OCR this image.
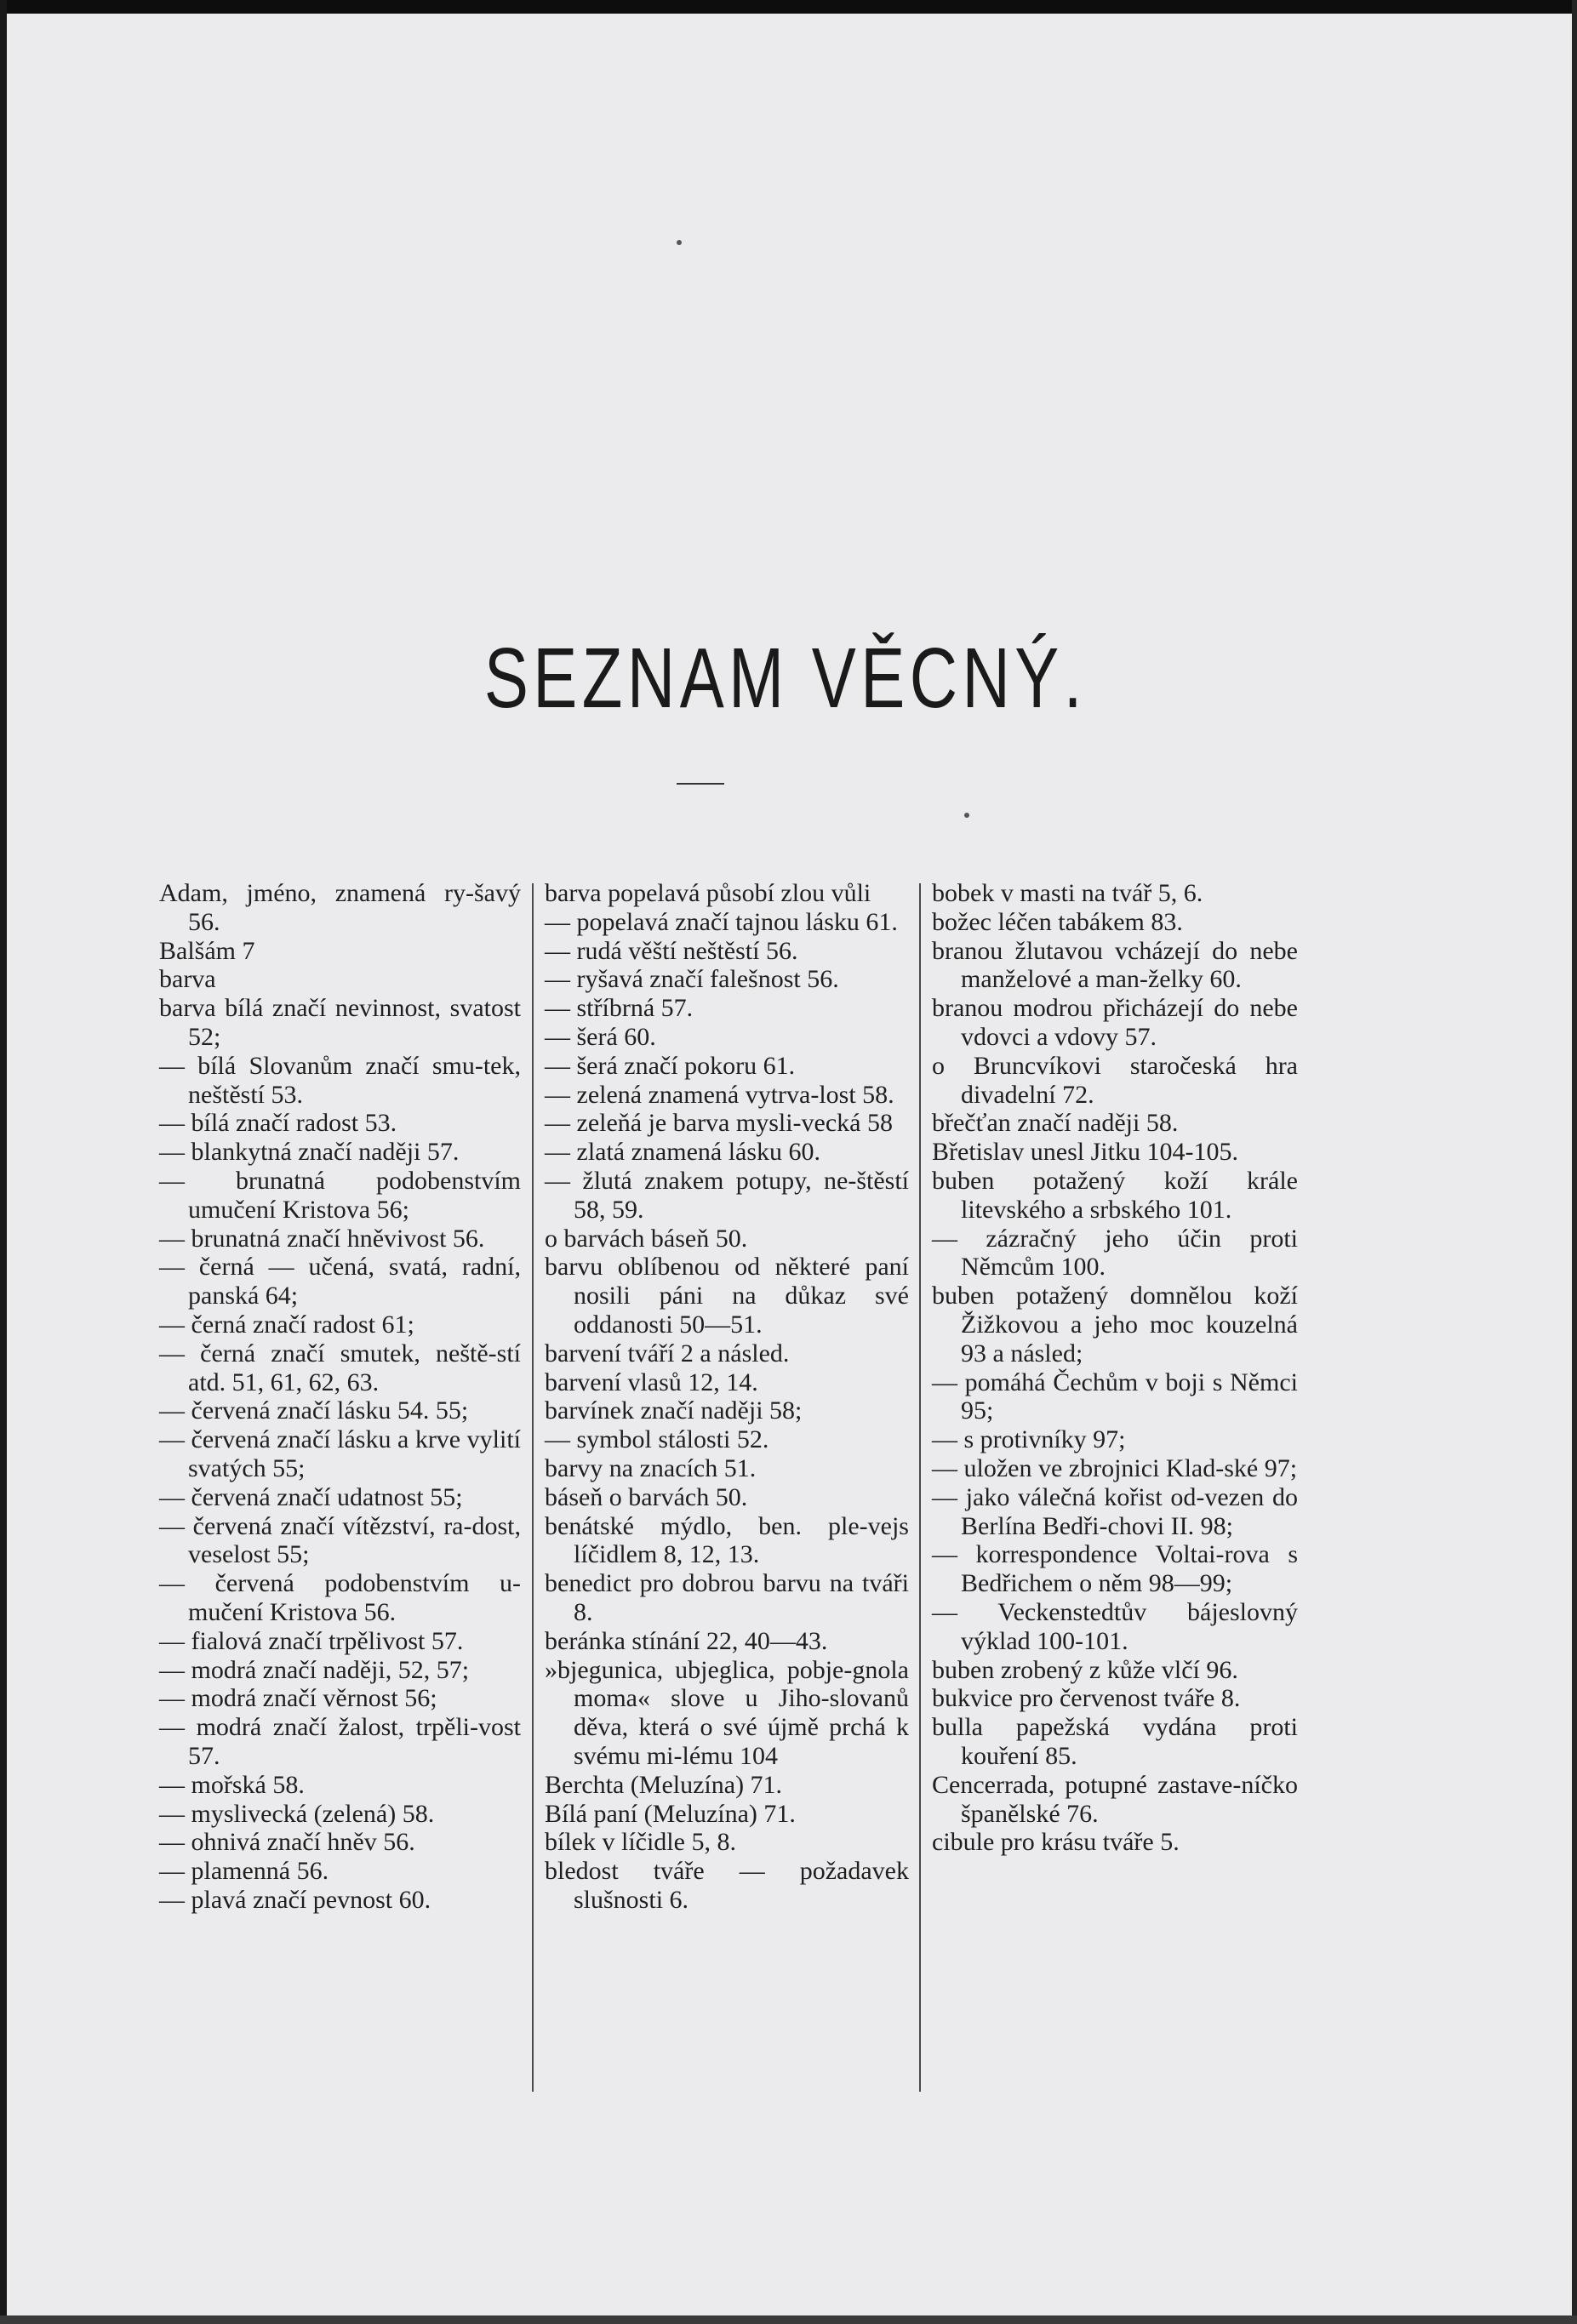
SEZNAM VĚCNÝ.
Adam, jméno, znamená ry-šavý 56.
Balšám 7
barva
barva bílá značí nevinnost, svatost 52;
— bílá Slovanům značí smu-tek, neštěstí 53.
— bílá značí radost 53.
— blankytná značí naději 57.
— brunatná podobenstvím umučení Kristova 56;
— brunatná značí hněvivost 56.
— černá — učená, svatá, radní, panská 64;
— černá značí radost 61;
— černá značí smutek, neště-stí atd. 51, 61, 62, 63.
— červená značí lásku 54. 55;
— červená značí lásku a krve vylití svatých 55;
— červená značí udatnost 55;
— červená značí vítězství, ra-dost, veselost 55;
— červená podobenstvím u-mučení Kristova 56.
— fialová značí trpělivost 57.
— modrá značí naději, 52, 57;
— modrá značí věrnost 56;
— modrá značí žalost, trpěli-vost 57.
— mořská 58.
— myslivecká (zelená) 58.
— ohnivá značí hněv 56.
— plamenná 56.
— plavá značí pevnost 60.
barva popelavá působí zlou vůli
— popelavá značí tajnou lásku 61.
— rudá věští neštěstí 56.
— ryšavá značí falešnost 56.
— stříbrná 57.
— šerá 60.
— šerá značí pokoru 61.
— zelená znamená vytrva-lost 58.
— zeleňá je barva mysli-vecká 58
— zlatá znamená lásku 60.
— žlutá znakem potupy, ne-štěstí 58, 59.
o barvách báseň 50.
barvu oblíbenou od některé paní nosili páni na důkaz své oddanosti 50—51.
barvení tváří 2 a násled.
barvení vlasů 12, 14.
barvínek značí naději 58;
— symbol stálosti 52.
barvy na znacích 51.
báseň o barvách 50.
benátské mýdlo, ben. ple-vejs líčidlem 8, 12, 13.
benedict pro dobrou barvu na tváři 8.
beránka stínání 22, 40—43.
»bjegunica, ubjeglica, pobje-gnola moma« slove u Jiho-slovanů děva, která o své újmě prchá k svému mi-lému 104
Berchta (Meluzína) 71.
Bílá paní (Meluzína) 71.
bílek v líčidle 5, 8.
bledost tváře — požadavek slušnosti 6.
bobek v masti na tvář 5, 6.
božec léčen tabákem 83.
branou žlutavou vcházejí do nebe manželové a man-želky 60.
branou modrou přicházejí do nebe vdovci a vdovy 57.
o Bruncvíkovi staročeská hra divadelní 72.
břečťan značí naději 58.
Břetislav unesl Jitku 104-105.
buben potažený koží krále litevského a srbského 101.
— zázračný jeho účin proti Němcům 100.
buben potažený domnělou koží Žižkovou a jeho moc kouzelná 93 a násled;
— pomáhá Čechům v boji s Němci 95;
— s protivníky 97;
— uložen ve zbrojnici Klad-ské 97;
— jako válečná kořist od-vezen do Berlína Bedři-chovi II. 98;
— korrespondence Voltai-rova s Bedřichem o něm 98—99;
— Veckenstedtův bájeslovný výklad 100-101.
buben zrobený z kůže vlčí 96.
bukvice pro červenost tváře 8.
bulla papežská vydána proti kouření 85.
Cencerrada, potupné zastave-níčko španělské 76.
cibule pro krásu tváře 5.
